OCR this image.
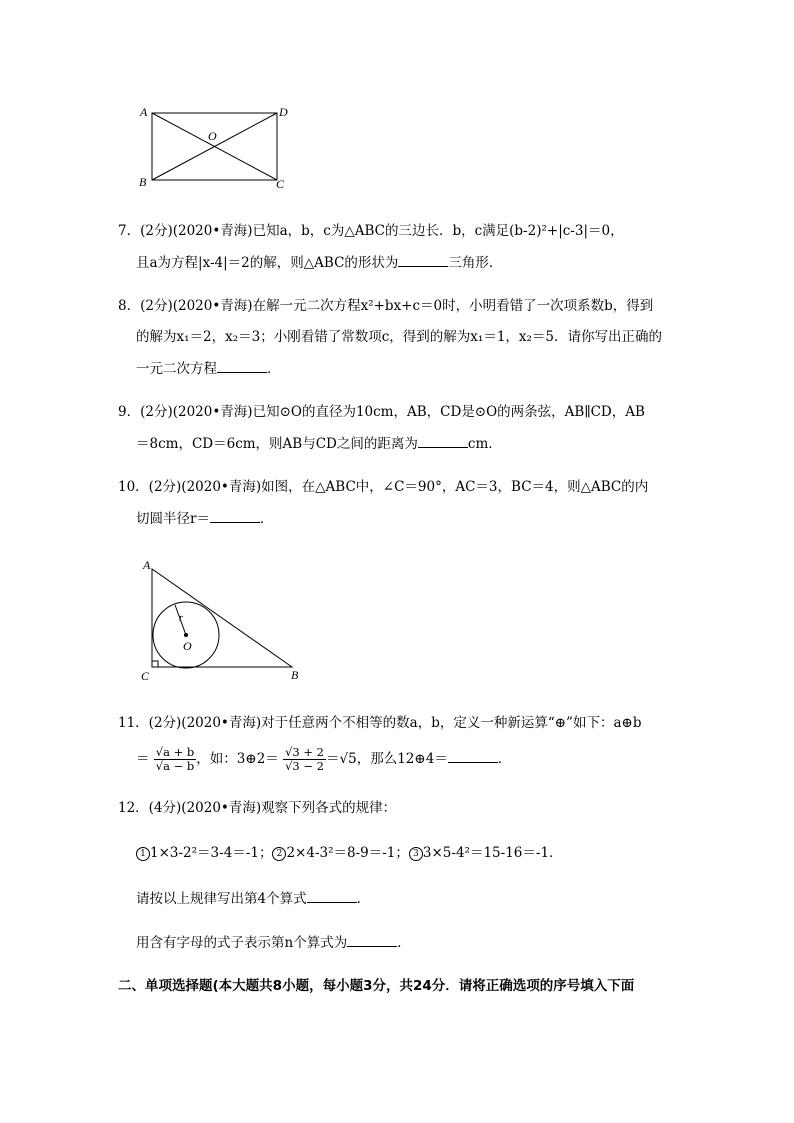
A	D
B	C
O
7．(2分)(2020•青海)已知a，b，c为△ABC的三边长．b，c满足(b-2)²+|c-3|＝0，
且a为方程|x-4|＝2的解，则△ABC的形状为	三角形．
8．(2分)(2020•青海)在解一元二次方程x²+bx+c＝0时，小明看错了一次项系数b，得到
的解为x₁＝2，x₂＝3；小刚看错了常数项c，得到的解为x₁＝1，x₂＝5．请你写出正确的
一元二次方程	．
9．(2分)(2020•青海)已知⊙O的直径为10cm，AB，CD是⊙O的两条弦，AB∥CD，AB
＝8cm，CD＝6cm，则AB与CD之间的距离为	cm．
10．(2分)(2020•青海)如图，在△ABC中，∠C＝90°，AC＝3，BC＝4，则△ABC的内
切圆半径r＝	．
A
B
C
O
r
11．(2分)(2020•青海)对于任意两个不相等的数a，b，定义一种新运算“⊕”如下：a⊕b
＝ $\frac{√a + b}{√a - b}$ ，如：3⊕2＝ $\frac{√3 + 2}{√3 - 2} =√5$，那么12⊕4＝	．
12．(4分)(2020•青海)观察下列各式的规律：
1 1×3-2²＝3-4＝-1； 2 2×4-3²＝8-9＝-1； 3 3×5-4²＝15-16＝-1．
请按以上规律写出第4个算式	．
用含有字母的式子表示第n个算式为	．
二、单项选择题(本大题共8小题，每小题3分，共24分．请将正确选项的序号填入下面
